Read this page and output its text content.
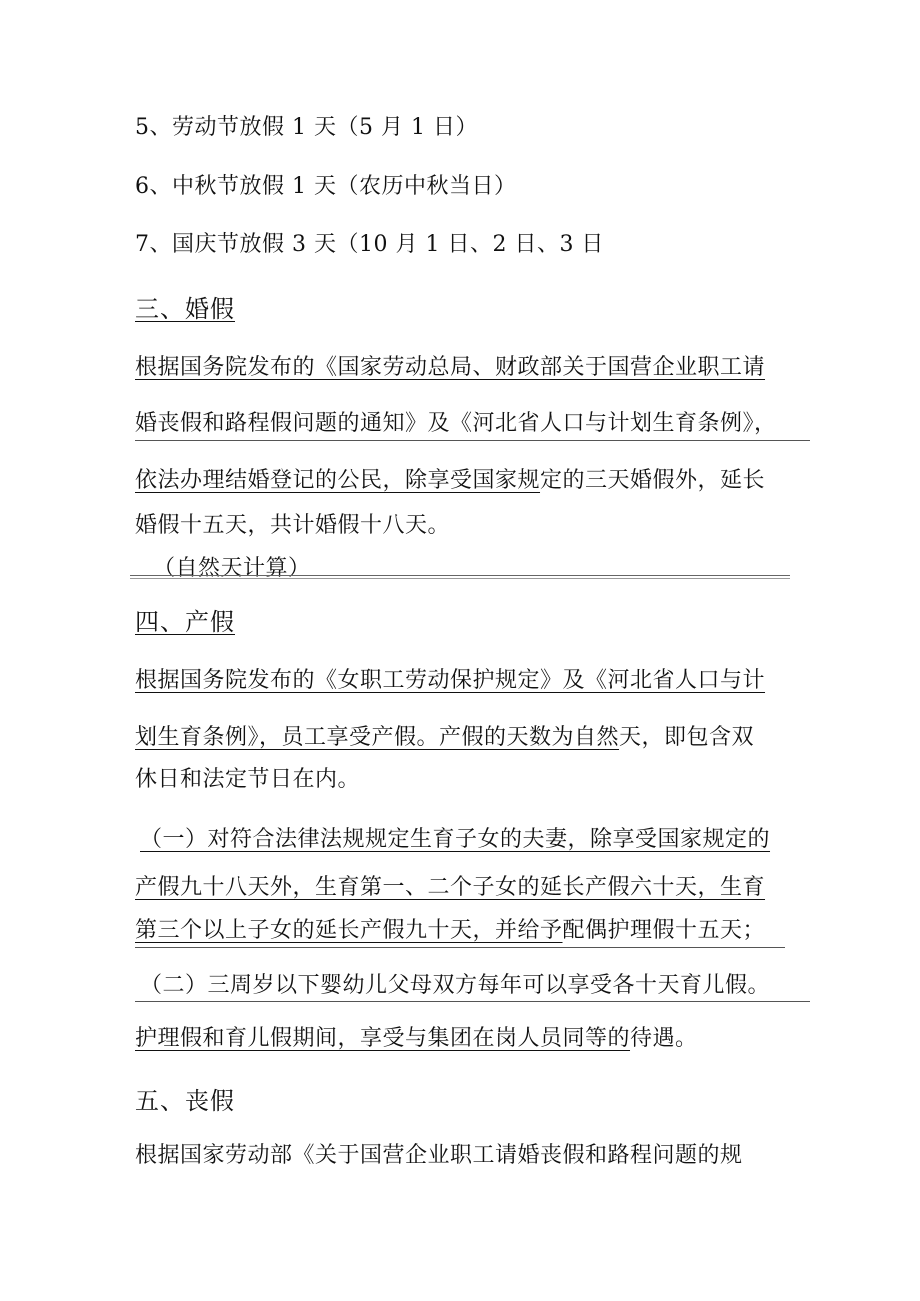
5、劳动节放假 1 天（5 月 1 日）
6、中秋节放假 1 天（农历中秋当日）
7、国庆节放假 3 天（10 月 1 日、2 日、3 日
三、婚假
根据国务院发布的《国家劳动总局、财政部关于国营企业职工请
婚丧假和路程假问题的通知》及《河北省人口与计划生育条例》，
依法办理结婚登记的公民，除享受国家规定的三天婚假外，延长
婚假十五天，共计婚假十八天。
（自然天计算）
四、产假
根据国务院发布的《女职工劳动保护规定》及《河北省人口与计
划生育条例》，员工享受产假。产假的天数为自然天，即包含双
休日和法定节日在内。
（一）对符合法律法规规定生育子女的夫妻，除享受国家规定的
产假九十八天外，生育第一、二个子女的延长产假六十天，生育
第三个以上子女的延长产假九十天，并给予配偶护理假十五天；
（二）三周岁以下婴幼儿父母双方每年可以享受各十天育儿假。
护理假和育儿假期间，享受与集团在岗人员同等的待遇。
五、丧假
根据国家劳动部《关于国营企业职工请婚丧假和路程问题的规
